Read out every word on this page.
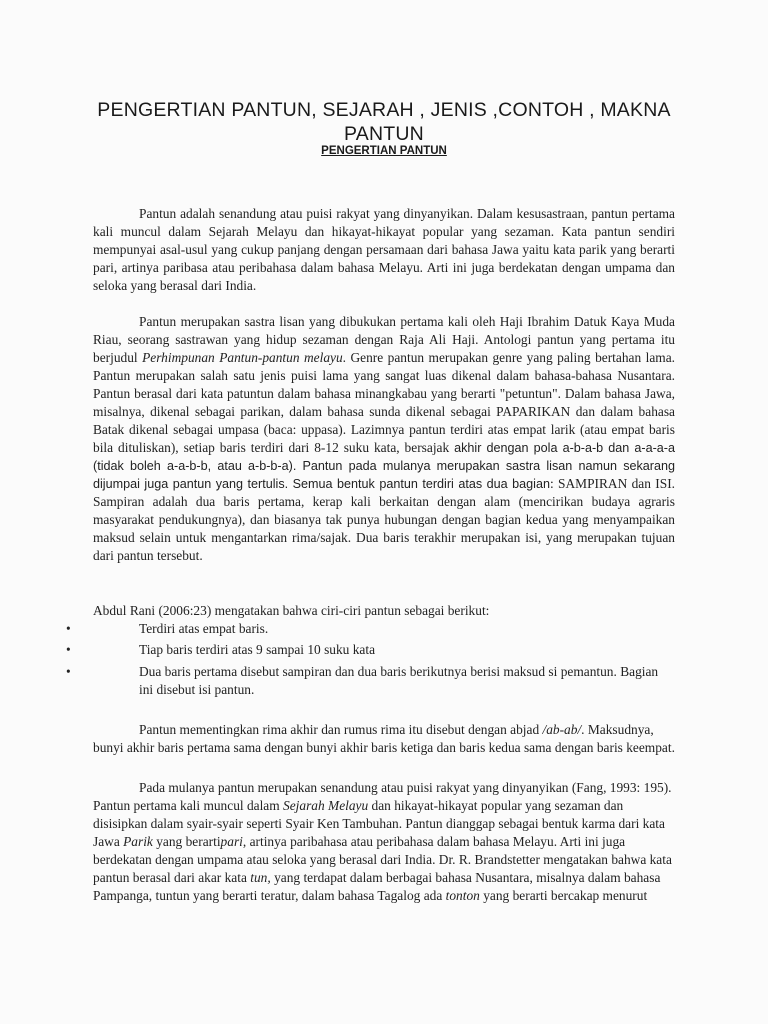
PENGERTIAN PANTUN, SEJARAH , JENIS ,CONTOH , MAKNA PANTUN
PENGERTIAN PANTUN
Pantun adalah senandung atau puisi rakyat yang dinyanyikan. Dalam kesusastraan, pantun pertama kali muncul dalam Sejarah Melayu dan hikayat-hikayat popular yang sezaman. Kata pantun sendiri mempunyai asal-usul yang cukup panjang dengan persamaan dari bahasa Jawa yaitu kata parik yang berarti pari, artinya paribasa atau peribahasa dalam bahasa Melayu. Arti ini juga berdekatan dengan umpama dan seloka yang berasal dari India.
Pantun merupakan sastra lisan yang dibukukan pertama kali oleh Haji Ibrahim Datuk Kaya Muda Riau, seorang sastrawan yang hidup sezaman dengan Raja Ali Haji. Antologi pantun yang pertama itu berjudul Perhimpunan Pantun-pantun melayu. Genre pantun merupakan genre yang paling bertahan lama. Pantun merupakan salah satu jenis puisi lama yang sangat luas dikenal dalam bahasa-bahasa Nusantara. Pantun berasal dari kata patuntun dalam bahasa minangkabau yang berarti "petuntun". Dalam bahasa Jawa, misalnya, dikenal sebagai parikan, dalam bahasa sunda dikenal sebagai PAPARIKAN dan dalam bahasa Batak dikenal sebagai umpasa (baca: uppasa). Lazimnya pantun terdiri atas empat larik (atau empat baris bila dituliskan), setiap baris terdiri dari 8-12 suku kata, bersajak akhir dengan pola a-b-a-b dan a-a-a-a (tidak boleh a-a-b-b, atau a-b-b-a). Pantun pada mulanya merupakan sastra lisan namun sekarang dijumpai juga pantun yang tertulis. Semua bentuk pantun terdiri atas dua bagian: SAMPIRAN dan ISI. Sampiran adalah dua baris pertama, kerap kali berkaitan dengan alam (mencirikan budaya agraris masyarakat pendukungnya), dan biasanya tak punya hubungan dengan bagian kedua yang menyampaikan maksud selain untuk mengantarkan rima/sajak. Dua baris terakhir merupakan isi, yang merupakan tujuan dari pantun tersebut.
Abdul Rani (2006:23) mengatakan bahwa ciri-ciri pantun sebagai berikut:
•	Terdiri atas empat baris.
•	Tiap baris terdiri atas 9 sampai 10 suku kata
•	Dua baris pertama disebut sampiran dan dua baris berikutnya berisi maksud si pemantun. Bagian ini disebut isi pantun.
Pantun mementingkan rima akhir dan rumus rima itu disebut dengan abjad /ab-ab/. Maksudnya, bunyi akhir baris pertama sama dengan bunyi akhir baris ketiga dan baris kedua sama dengan baris keempat.
Pada mulanya pantun merupakan senandung atau puisi rakyat yang dinyanyikan (Fang, 1993: 195). Pantun pertama kali muncul dalam Sejarah Melayu dan hikayat-hikayat popular yang sezaman dan disisipkan dalam syair-syair seperti Syair Ken Tambuhan. Pantun dianggap sebagai bentuk karma dari kata Jawa Parik yang berartipari, artinya paribahasa atau peribahasa dalam bahasa Melayu. Arti ini juga berdekatan dengan umpama atau seloka yang berasal dari India. Dr. R. Brandstetter mengatakan bahwa kata pantun berasal dari akar kata tun, yang terdapat dalam berbagai bahasa Nusantara, misalnya dalam bahasa Pampanga, tuntun yang berarti teratur, dalam bahasa Tagalog ada tonton yang berarti bercakap menurut
